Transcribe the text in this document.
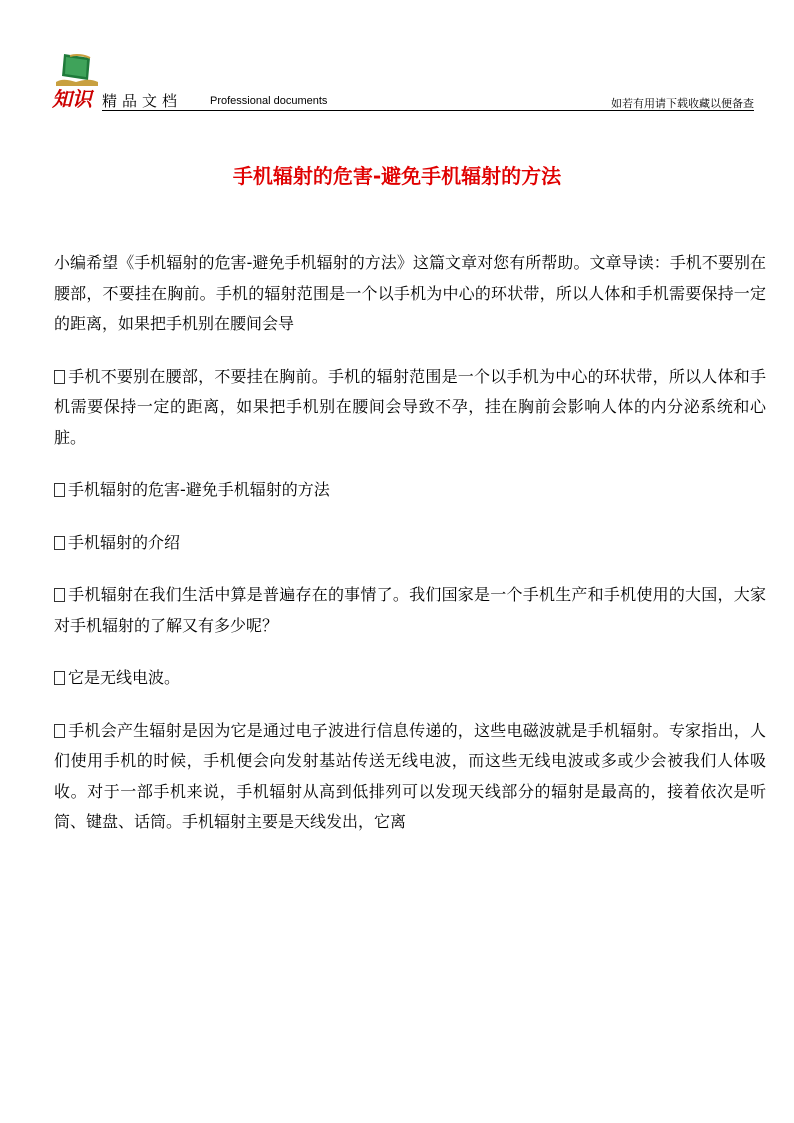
知识 精品文档	Professional documents	如若有用请下载收藏以便备查
手机辐射的危害-避免手机辐射的方法

小编希望《手机辐射的危害-避免手机辐射的方法》这篇文章对您有所帮助。文章导读：手机不要别在腰部，不要挂在胸前。手机的辐射范围是一个以手机为中心的环状带，所以人体和手机需要保持一定的距离，如果把手机别在腰间会导

手机不要别在腰部，不要挂在胸前。手机的辐射范围是一个以手机为中心的环状带，所以人体和手机需要保持一定的距离，如果把手机别在腰间会导致不孕，挂在胸前会影响人体的内分泌系统和心脏。

手机辐射的危害-避免手机辐射的方法

手机辐射的介绍

手机辐射在我们生活中算是普遍存在的事情了。我们国家是一个手机生产和手机使用的大国，大家对手机辐射的了解又有多少呢？

它是无线电波。

手机会产生辐射是因为它是通过电子波进行信息传递的，这些电磁波就是手机辐射。专家指出，人们使用手机的时候，手机便会向发射基站传送无线电波，而这些无线电波或多或少会被我们人体吸收。对于一部手机来说，手机辐射从高到低排列可以发现天线部分的辐射是最高的，接着依次是听筒、键盘、话筒。手机辐射主要是天线发出，它离
